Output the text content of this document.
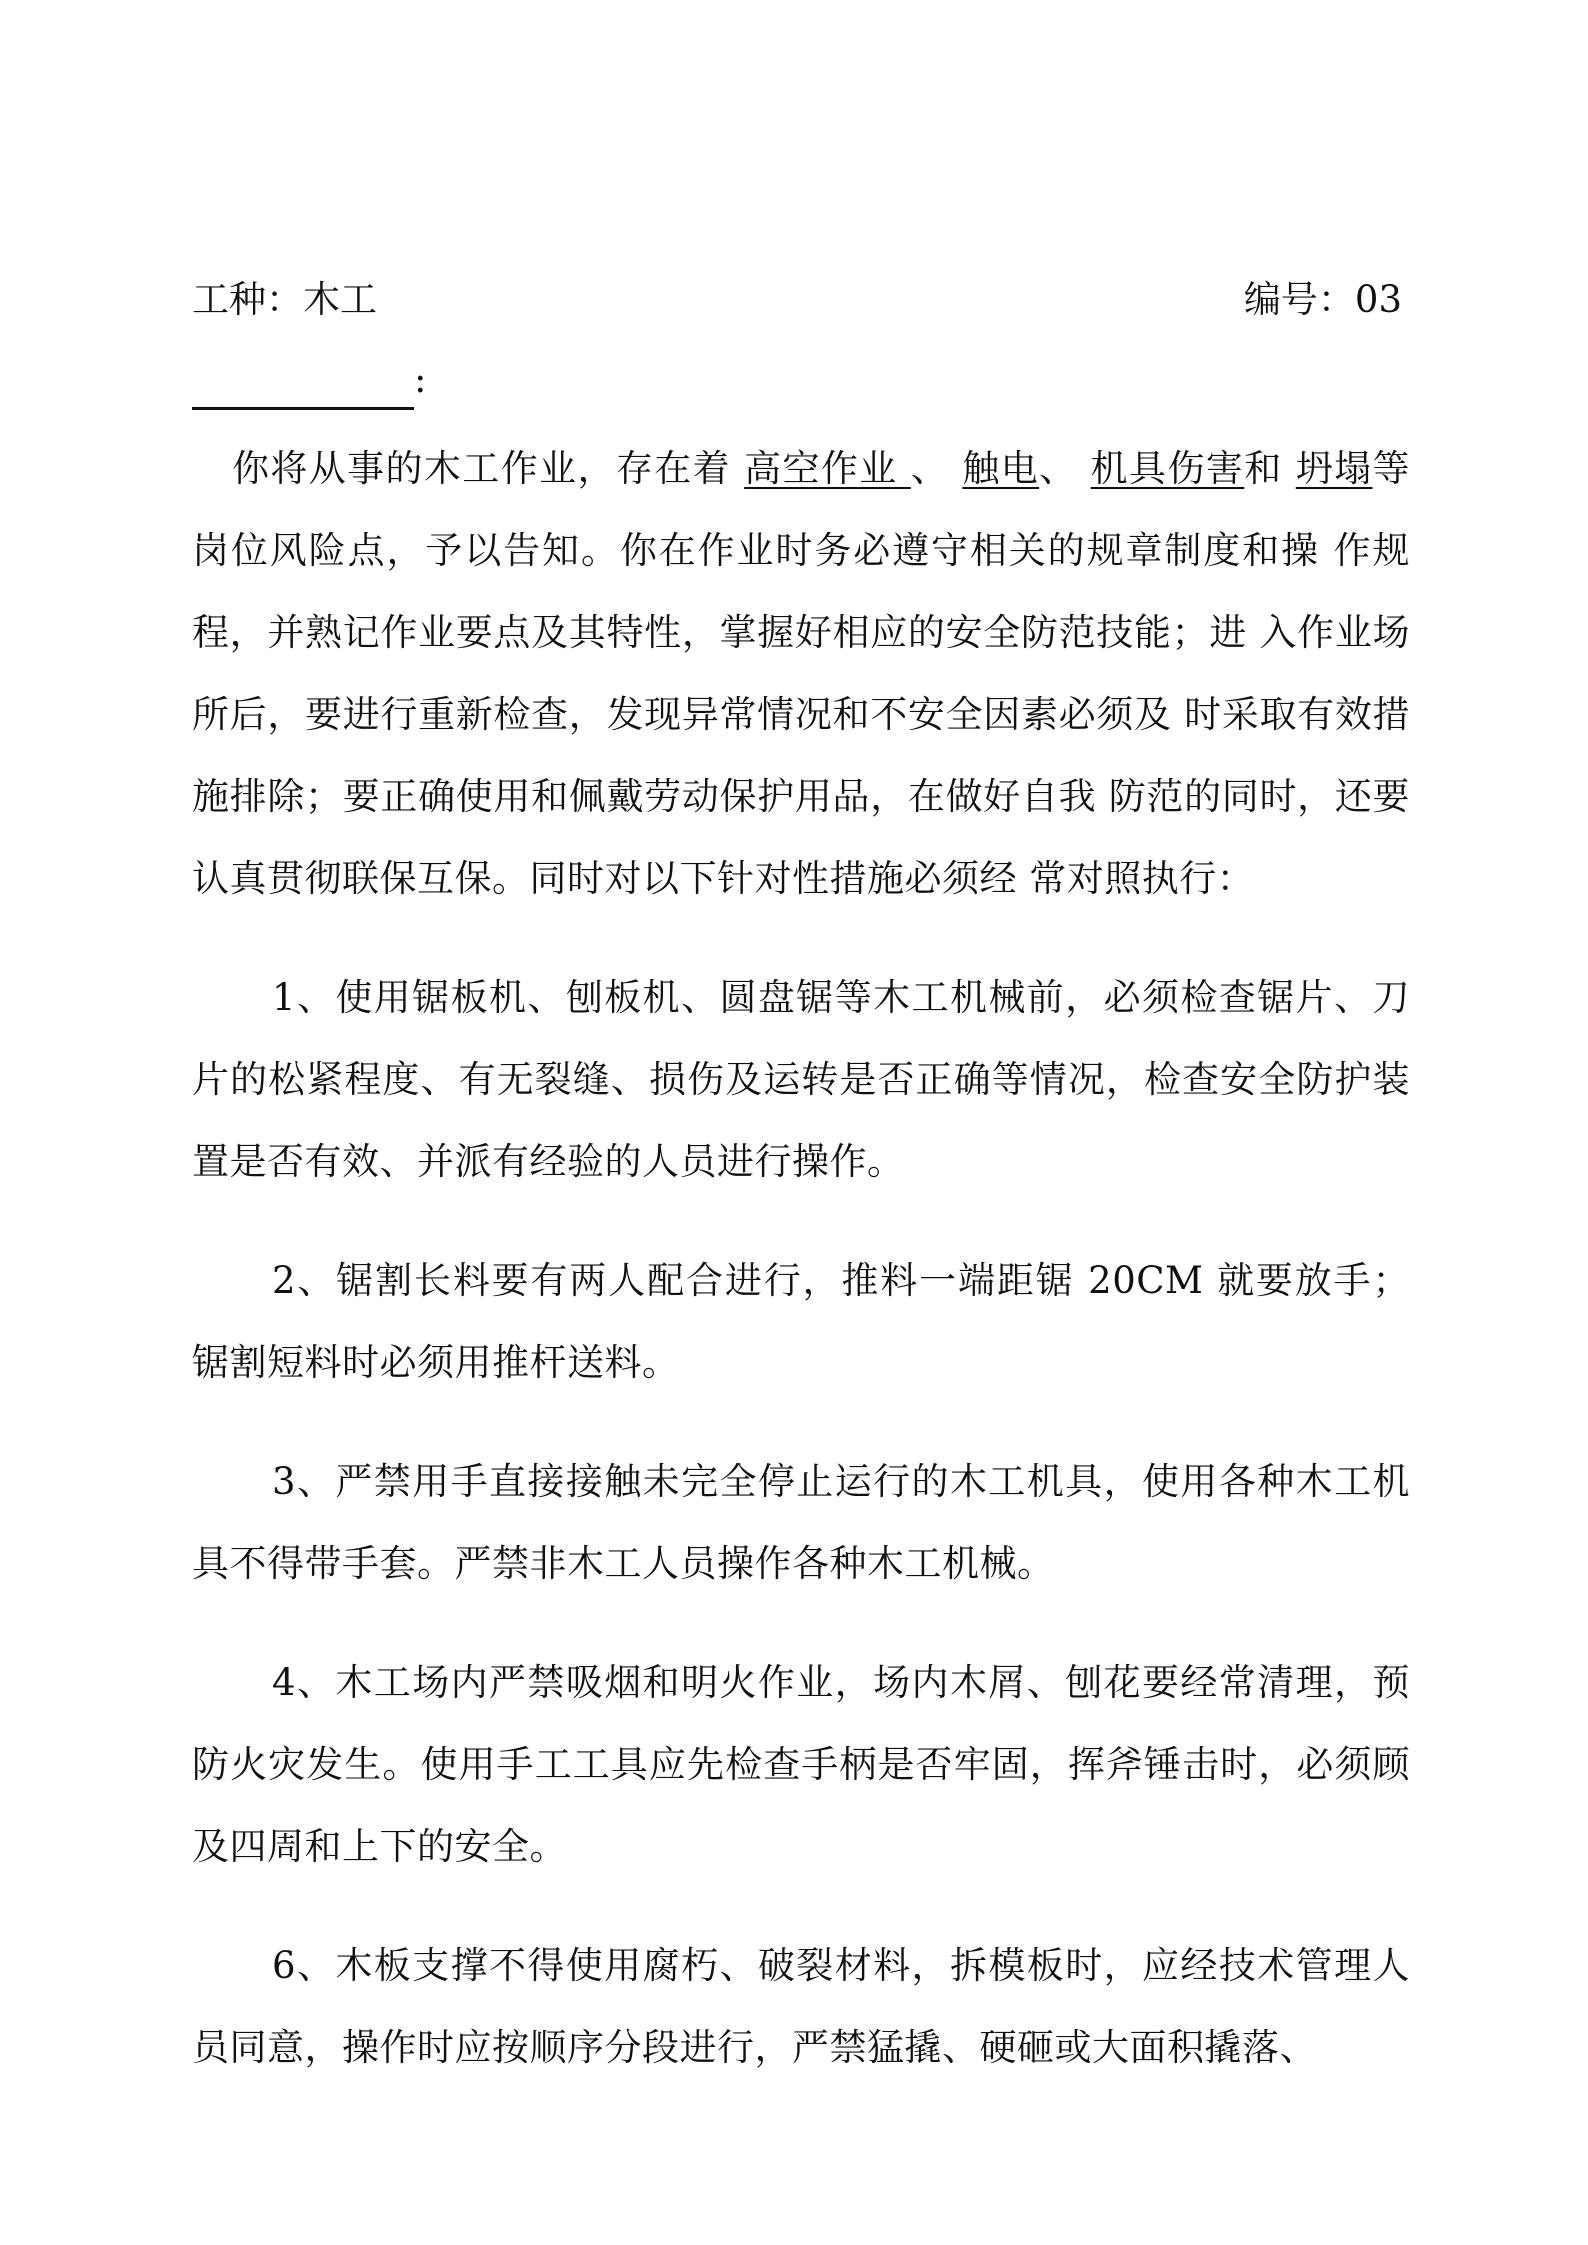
工种：木工	编号：03
:

你将从事的木工作业，存在着 高空作业 、 触电、 机具伤害和 坍塌等岗位风险点，予以告知。你在作业时务必遵守相关的规章制度和操 作规程，并熟记作业要点及其特性，掌握好相应的安全防范技能；进 入作业场所后，要进行重新检查，发现异常情况和不安全因素必须及 时采取有效措施排除；要正确使用和佩戴劳动保护用品，在做好自我 防范的同时，还要认真贯彻联保互保。同时对以下针对性措施必须经 常对照执行：

1、使用锯板机、刨板机、圆盘锯等木工机械前，必须检查锯片、刀片的松紧程度、有无裂缝、损伤及运转是否正确等情况，检查安全防护装置是否有效、并派有经验的人员进行操作。

2、锯割长料要有两人配合进行，推料一端距锯 20CM 就要放手；锯割短料时必须用推杆送料。

3、严禁用手直接接触未完全停止运行的木工机具，使用各种木工机具不得带手套。严禁非木工人员操作各种木工机械。

4、木工场内严禁吸烟和明火作业，场内木屑、刨花要经常清理，预防火灾发生。使用手工工具应先检查手柄是否牢固，挥斧锤击时，必须顾及四周和上下的安全。

6、木板支撑不得使用腐朽、破裂材料，拆模板时，应经技术管理人员同意，操作时应按顺序分段进行，严禁猛撬、硬砸或大面积撬落、
